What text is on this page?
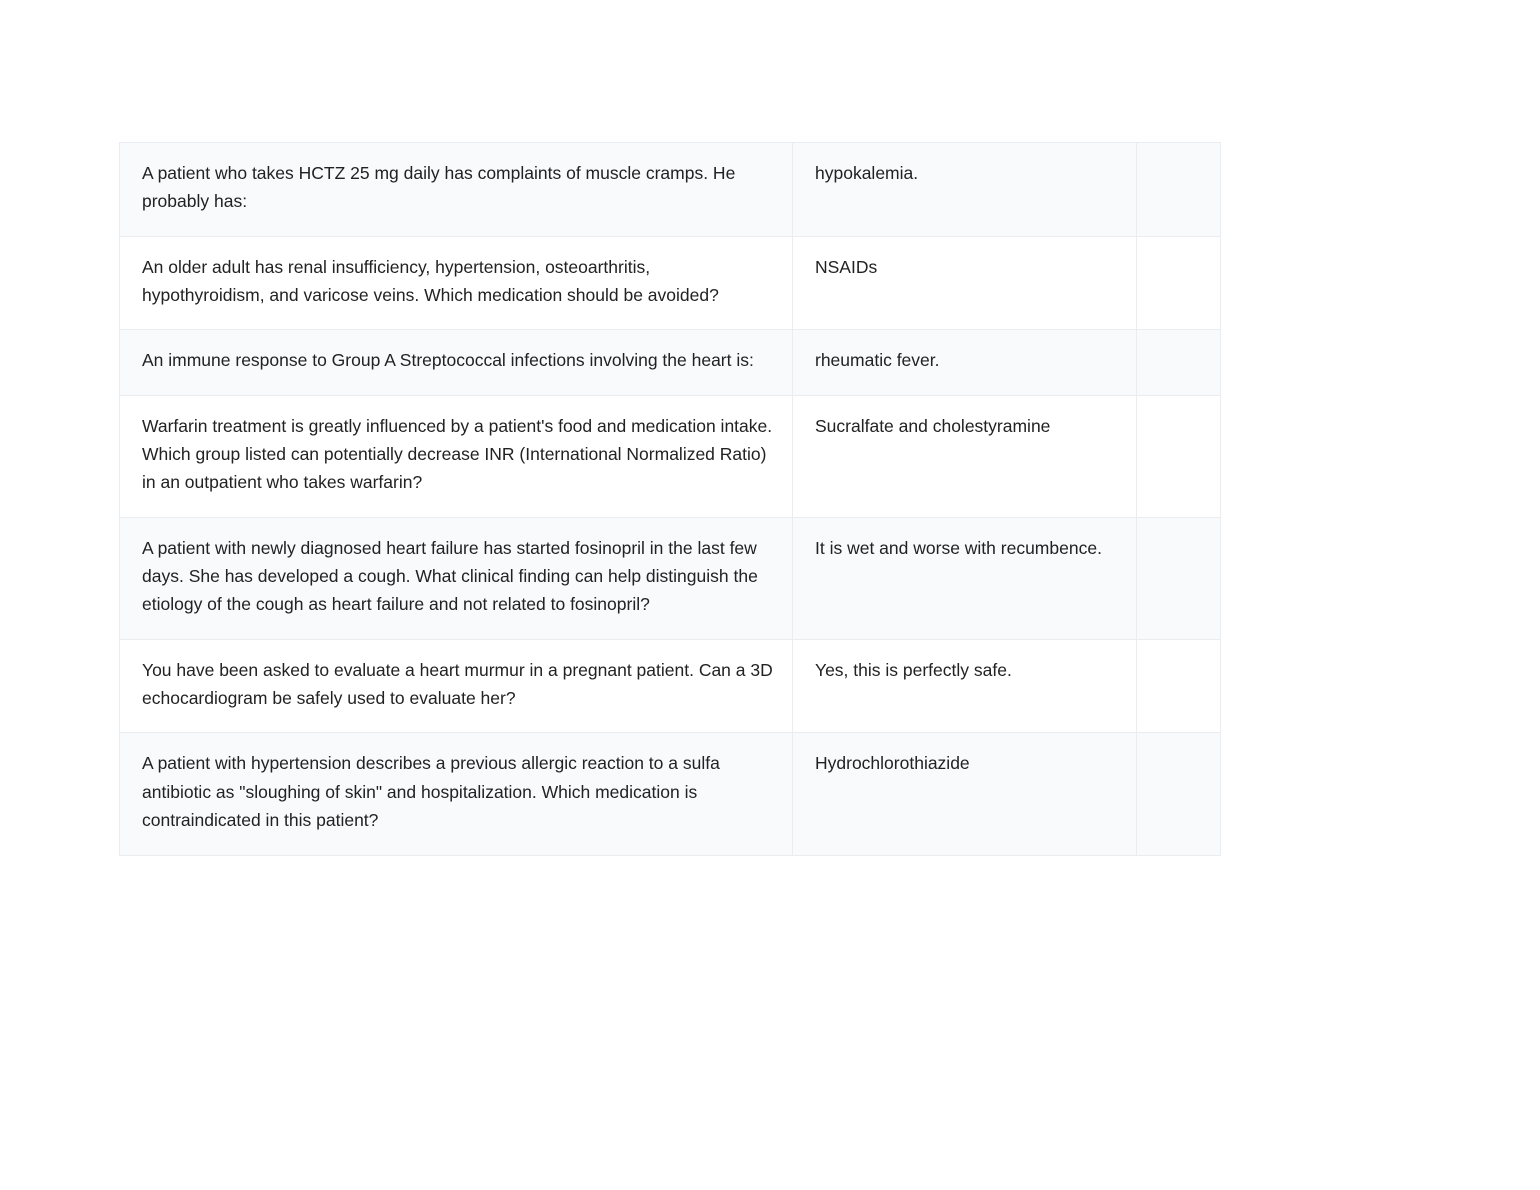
A patient who takes HCTZ 25 mg daily has complaints of muscle cramps. He probably has:	hypokalemia.	
An older adult has renal insufficiency, hypertension, osteoarthritis, hypothyroidism, and varicose veins. Which medication should be avoided?	NSAIDs	
An immune response to Group A Streptococcal infections involving the heart is:	rheumatic fever.	
Warfarin treatment is greatly influenced by a patient's food and medication intake. Which group listed can potentially decrease INR (International Normalized Ratio) in an outpatient who takes warfarin?	Sucralfate and cholestyramine	
A patient with newly diagnosed heart failure has started fosinopril in the last few days. She has developed a cough. What clinical finding can help distinguish the etiology of the cough as heart failure and not related to fosinopril?	It is wet and worse with recumbence.	
You have been asked to evaluate a heart murmur in a pregnant patient. Can a 3D echocardiogram be safely used to evaluate her?	Yes, this is perfectly safe.	
A patient with hypertension describes a previous allergic reaction to a sulfa antibiotic as "sloughing of skin" and hospitalization. Which medication is contraindicated in this patient?	Hydrochlorothiazide	
